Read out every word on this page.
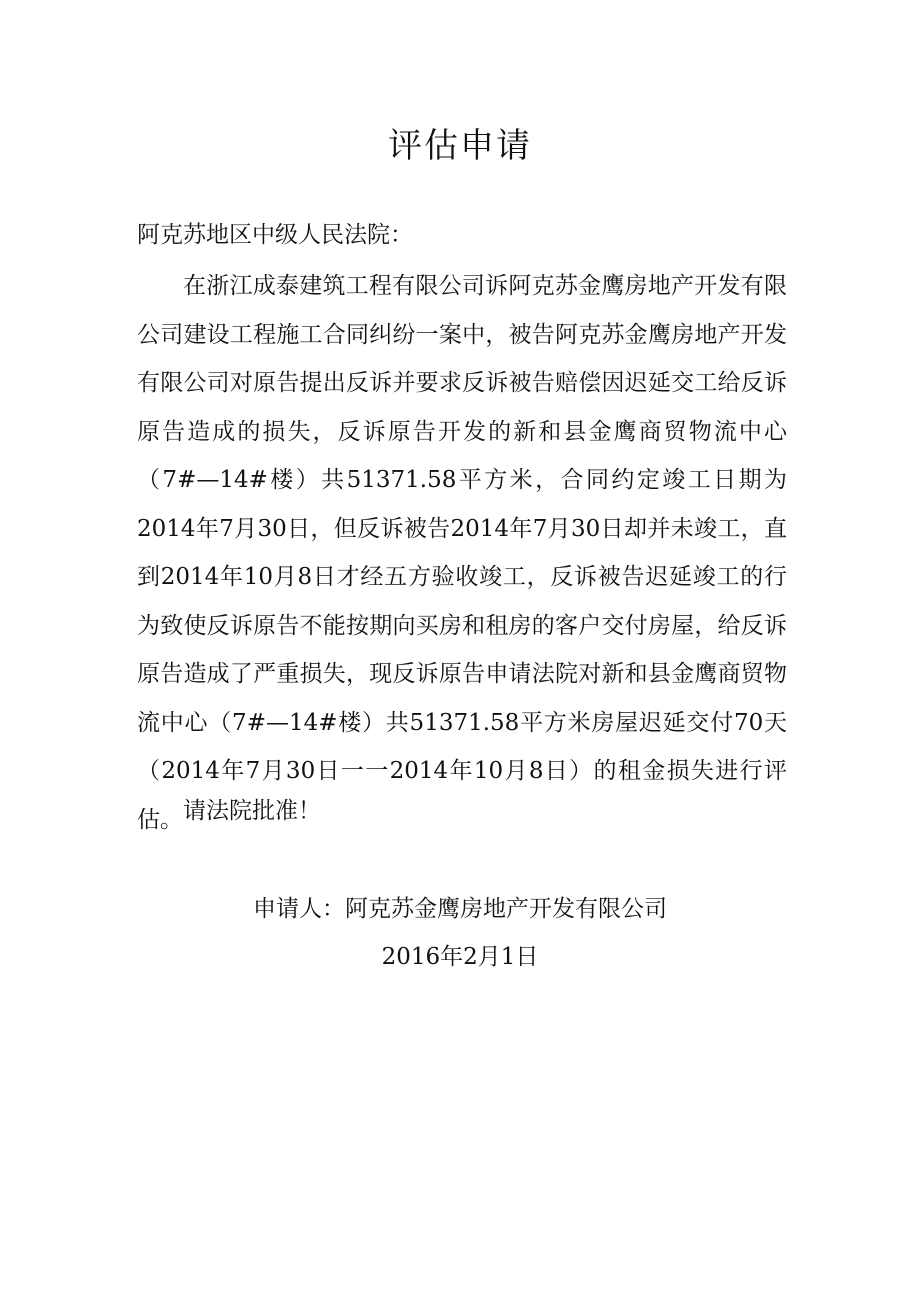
评估申请

阿克苏地区中级人民法院：

在浙江成泰建筑工程有限公司诉阿克苏金鹰房地产开发有限公司建设工程施工合同纠纷一案中，被告阿克苏金鹰房地产开发有限公司对原告提出反诉并要求反诉被告赔偿因迟延交工给反诉原告造成的损失，反诉原告开发的新和县金鹰商贸物流中心（7#—14#楼）共51371.58平方米，合同约定竣工日期为2014年7月30日，但反诉被告2014年7月30日却并未竣工，直到2014年10月8日才经五方验收竣工，反诉被告迟延竣工的行为致使反诉原告不能按期向买房和租房的客户交付房屋，给反诉原告造成了严重损失，现反诉原告申请法院对新和县金鹰商贸物流中心（7#—14#楼）共51371.58平方米房屋迟延交付70天（2014年7月30日一一2014年10月8日）的租金损失进行评估。 请法院批准！

申请人：阿克苏金鹰房地产开发有限公司

2016年2月1日
